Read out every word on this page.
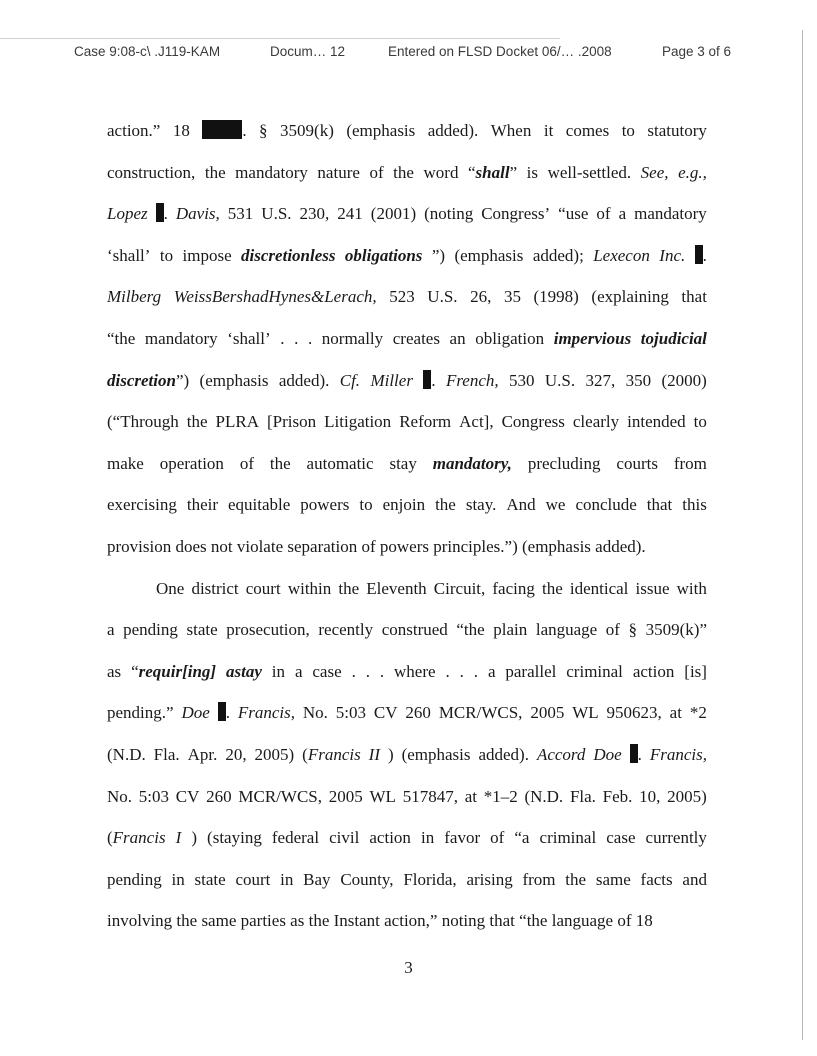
Case 9:08-c\ .J119-KAM	Docum… 12	Entered on FLSD Docket 06/… .2008	Page 3 of 6
action.” 18	. § 3509(k) (emphasis added). When it comes to statutory
construction, the mandatory nature of the word “shall” is well-settled. See, e.g.,
Lopez . Davis, 531 U.S. 230, 241 (2001) (noting Congress’ “use of a mandatory
‘shall’ to impose discretionless obligations ”) (emphasis added); Lexecon Inc.	.
Milberg WeissBershadHynes&Lerach, 523 U.S. 26, 35 (1998) (explaining that
“the mandatory ‘shall’ . . . normally creates an obligation impervious tojudicial
discretion”) (emphasis added). Cf. Miller	. French, 530 U.S. 327, 350 (2000)
(“Through the PLRA [Prison Litigation Reform Act], Congress clearly intended to
make operation of the automatic stay mandatory, precluding courts from
exercising their equitable powers to enjoin the stay. And we conclude that this
provision does not violate separation of powers principles.”) (emphasis added).
One district court within the Eleventh Circuit, facing the identical issue with
a pending state prosecution, recently construed “the plain language of § 3509(k)”
as “requir[ing] astay in a case . . . where . . . a parallel criminal action [is]
pending.” Doe . Francis, No. 5:03 CV 260 MCR/WCS, 2005 WL 950623, at *2
(N.D. Fla. Apr. 20, 2005) (Francis II ) (emphasis added). Accord Doe . Francis,
No. 5:03 CV 260 MCR/WCS, 2005 WL 517847, at *1–2 (N.D. Fla. Feb. 10, 2005)
(Francis I ) (staying federal civil action in favor of “a criminal case currently
pending in state court in Bay County, Florida, arising from the same facts and
involving the same parties as the Instant action,” noting that “the language of 18
3
